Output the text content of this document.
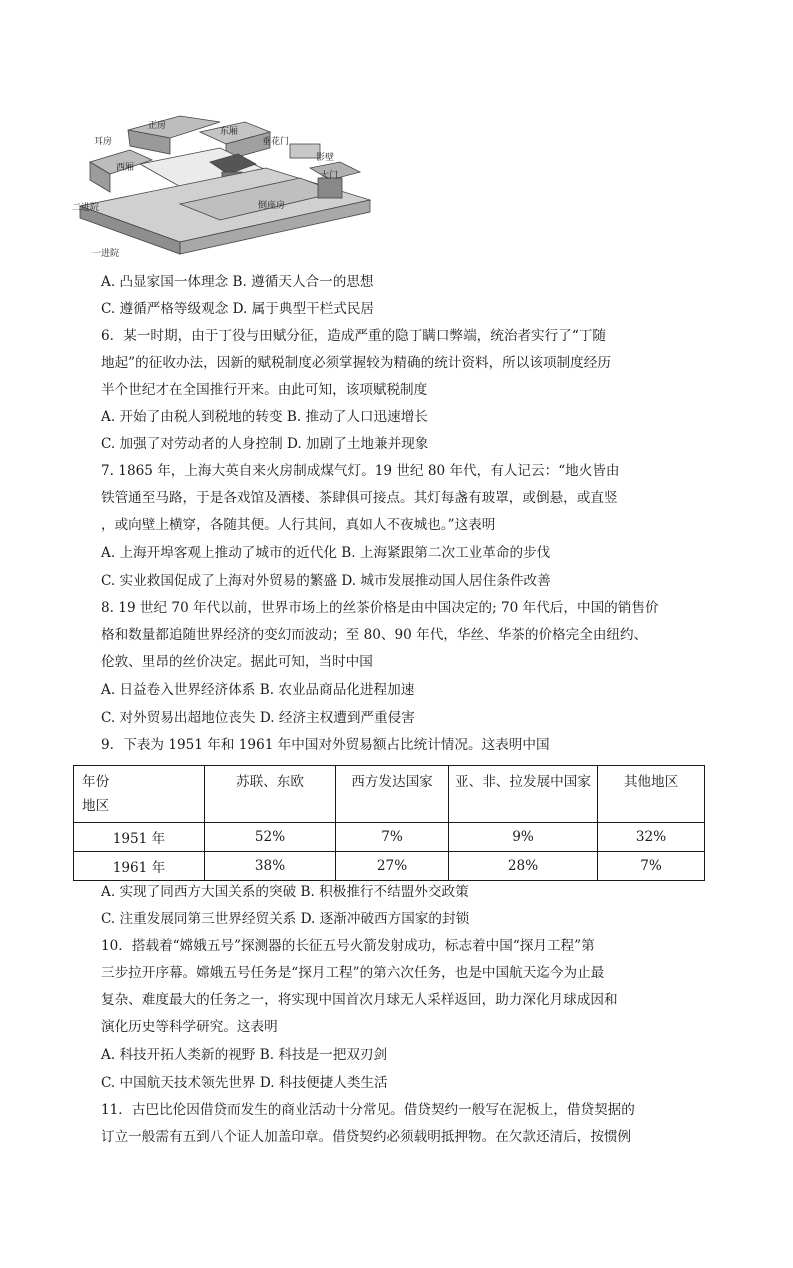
正房
东厢
垂花门
影壁
耳房
西厢
大门
倒座房
二进院
一进院
A. 凸显家国一体理念 B. 遵循天人合一的思想
C. 遵循严格等级观念 D. 属于典型干栏式民居
6．某一时期，由于丁役与田赋分征，造成严重的隐丁瞒口弊端，统治者实行了“丁随
地起”的征收办法，因新的赋税制度必须掌握较为精确的统计资料，所以该项制度经历
半个世纪才在全国推行开来。由此可知，该项赋税制度
A. 开始了由税人到税地的转变 B. 推动了人口迅速增长
C. 加强了对劳动者的人身控制 D. 加剧了土地兼并现象
7. 1865 年，上海大英自来火房制成煤气灯。19 世纪 80 年代，有人记云：“地火皆由
铁管通至马路，于是各戏馆及酒楼、茶肆俱可接点。其灯每盏有玻罩，或倒悬，或直竖
，或向壁上横穿，各随其便。人行其间，真如人不夜城也。”这表明
A. 上海开埠客观上推动了城市的近代化 B. 上海紧跟第二次工业革命的步伐
C. 实业救国促成了上海对外贸易的繁盛 D. 城市发展推动国人居住条件改善
8. 19 世纪 70 年代以前，世界市场上的丝茶价格是由中国决定的; 70 年代后，中国的销售价
格和数量都追随世界经济的变幻而波动；至 80、90 年代，华丝、华茶的价格完全由纽约、
伦敦、里昂的丝价决定。据此可知，当时中国
A. 日益卷入世界经济体系 B. 农业品商品化进程加速
C. 对外贸易出超地位丧失 D. 经济主权遭到严重侵害
9．下表为 1951 年和 1961 年中国对外贸易额占比统计情况。这表明中国
年份
地区	苏联、东欧	西方发达国家	亚、非、拉发展中国家	其他地区
1951 年	52%	7%	9%	32%
1961 年	38%	27%	28%	7%
A. 实现了同西方大国关系的突破 B. 积极推行不结盟外交政策
C. 注重发展同第三世界经贸关系 D. 逐渐冲破西方国家的封锁
10．搭载着“嫦娥五号”探测器的长征五号火箭发射成功，标志着中国“探月工程”第
三步拉开序幕。嫦娥五号任务是“探月工程”的第六次任务，也是中国航天迄今为止最
复杂、难度最大的任务之一，将实现中国首次月球无人采样返回，助力深化月球成因和
演化历史等科学研究。这表明
A. 科技开拓人类新的视野 B. 科技是一把双刃剑
C. 中国航天技术领先世界 D. 科技便捷人类生活
11．古巴比伦因借贷而发生的商业活动十分常见。借贷契约一般写在泥板上，借贷契据的
订立一般需有五到八个证人加盖印章。借贷契约必须载明抵押物。在欠款还清后，按惯例
